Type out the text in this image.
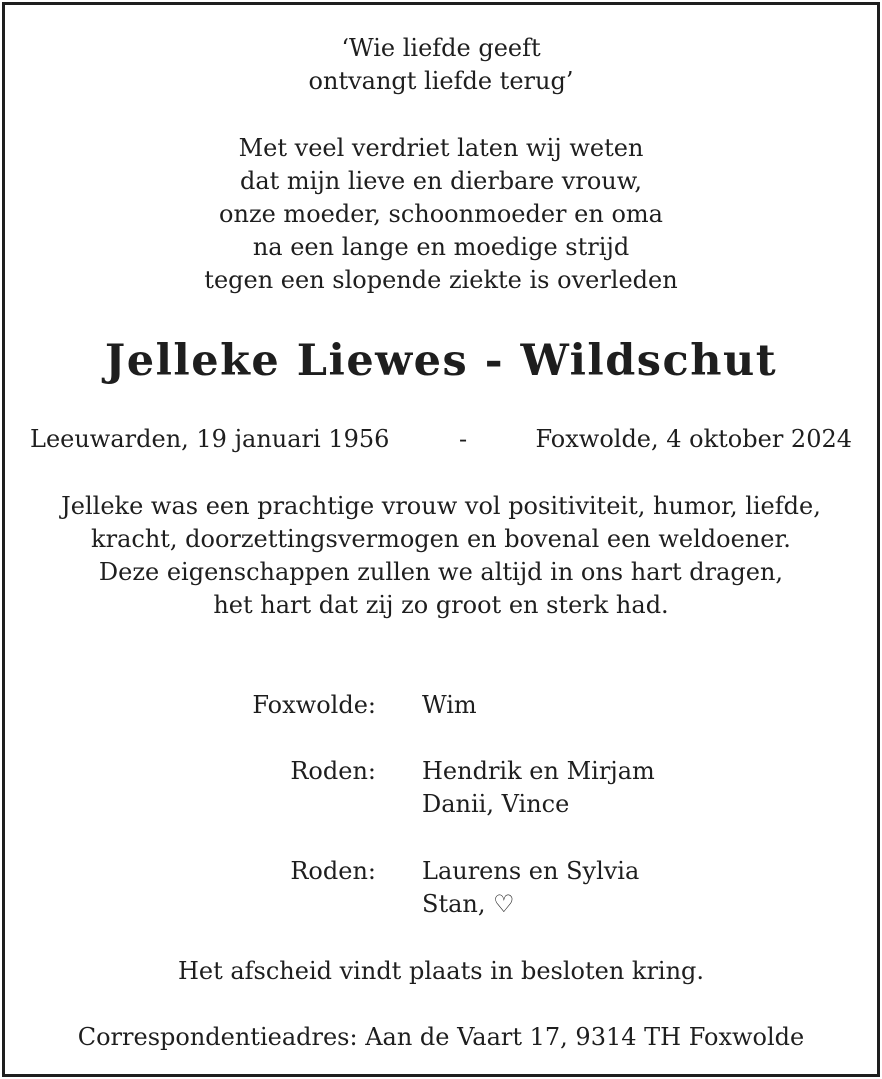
‘Wie liefde geeft
ontvangt liefde terug’
Met veel verdriet laten wij weten
dat mijn lieve en dierbare vrouw,
onze moeder, schoonmoeder en oma
na een lange en moedige strijd
tegen een slopende ziekte is overleden
Jelleke Liewes - Wildschut
Leeuwarden, 19 januari 1956	-	Foxwolde, 4 oktober 2024
Jelleke was een prachtige vrouw vol positiviteit, humor, liefde,
kracht, doorzettingsvermogen en bovenal een weldoener.
Deze eigenschappen zullen we altijd in ons hart dragen,
het hart dat zij zo groot en sterk had.
Foxwolde: Wim
Roden: Hendrik en Mirjam
Danii, Vince
Roden: Laurens en Sylvia
Stan, ♡
Het afscheid vindt plaats in besloten kring.
Correspondentieadres: Aan de Vaart 17, 9314 TH Foxwolde
